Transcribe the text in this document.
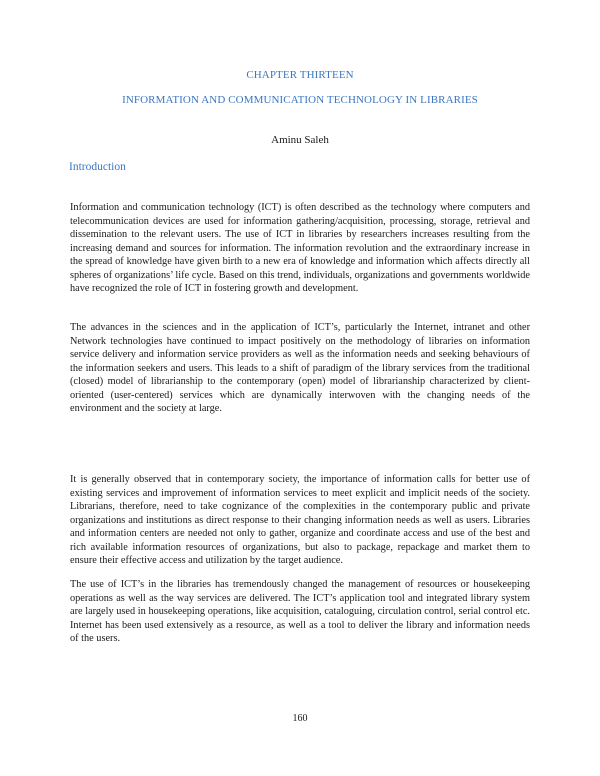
CHAPTER THIRTEEN
INFORMATION AND COMMUNICATION TECHNOLOGY IN LIBRARIES
Aminu Saleh
Introduction

Information and communication technology (ICT) is often described as the technology where computers and telecommunication devices are used for information gathering/acquisition, processing, storage, retrieval and dissemination to the relevant users. The use of ICT in libraries by researchers increases resulting from the increasing demand and sources for information. The information revolution and the extraordinary increase in the spread of knowledge have given birth to a new era of knowledge and information which affects directly all spheres of organizations’ life cycle. Based on this trend, individuals, organizations and governments worldwide have recognized the role of ICT in fostering growth and development.

The advances in the sciences and in the application of ICT’s, particularly the Internet, intranet and other Network technologies have continued to impact positively on the methodology of libraries on information service delivery and information service providers as well as the information needs and seeking behaviours of the information seekers and users. This leads to a shift of paradigm of the library services from the traditional (closed) model of librarianship to the contemporary (open) model of librarianship characterized by client-oriented (user-centered) services which are dynamically interwoven with the changing needs of the environment and the society at large.

It is generally observed that in contemporary society, the importance of information calls for better use of existing services and improvement of information services to meet explicit and implicit needs of the society. Librarians, therefore, need to take cognizance of the complexities in the contemporary public and private organizations and institutions as direct response to their changing information needs as well as users. Libraries and information centers are needed not only to gather, organize and coordinate access and use of the best and rich available information resources of organizations, but also to package, repackage and market them to ensure their effective access and utilization by the target audience.

The use of ICT’s in the libraries has tremendously changed the management of resources or housekeeping operations as well as the way services are delivered. The ICT’s application tool and integrated library system are largely used in housekeeping operations, like acquisition, cataloguing, circulation control, serial control etc. Internet has been used extensively as a resource, as well as a tool to deliver the library and information needs of the users.

160
